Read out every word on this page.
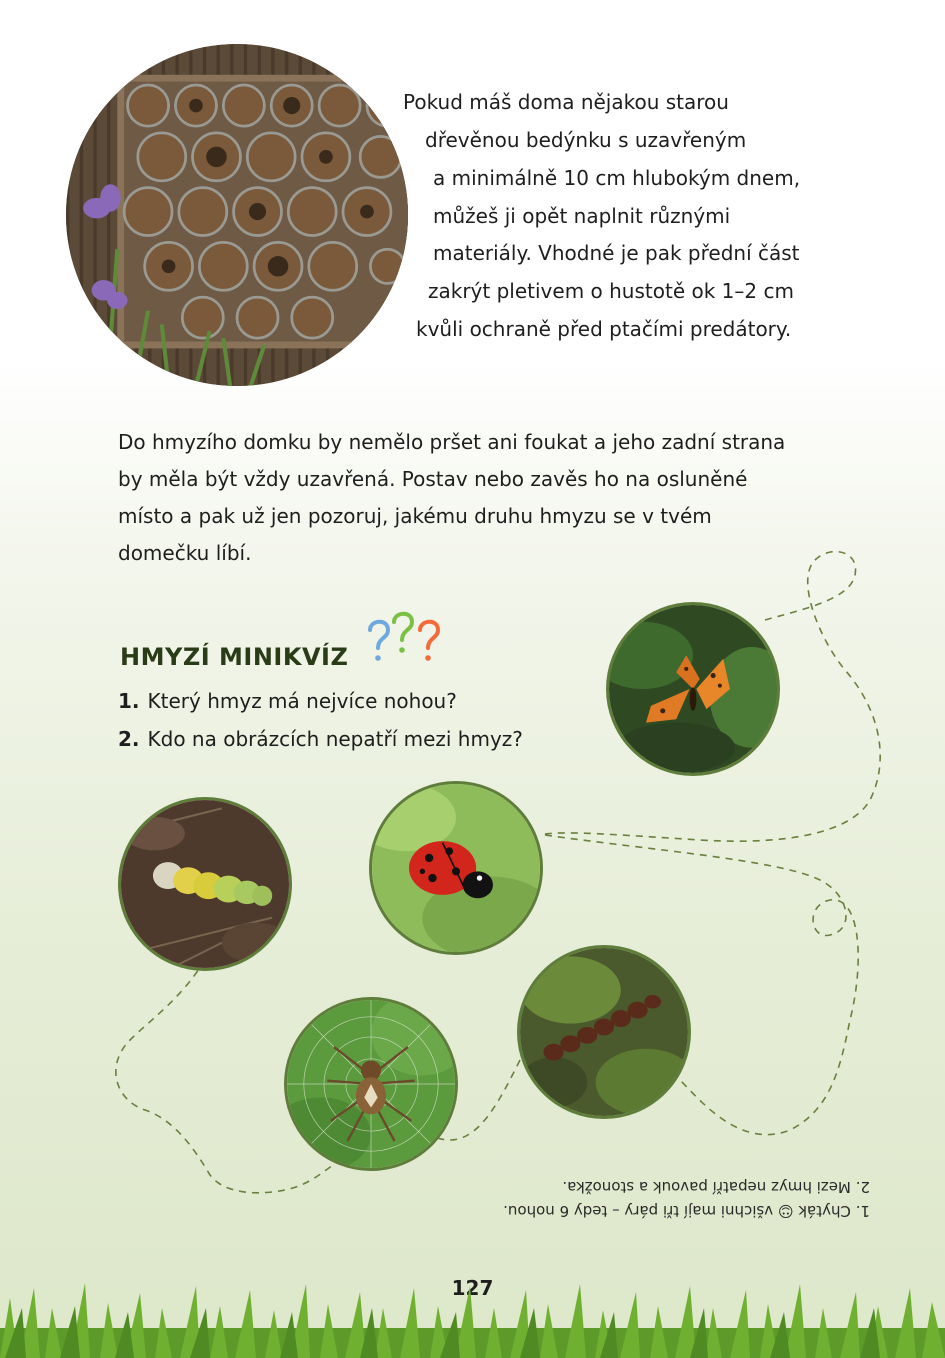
Pokud máš doma nějakou starou
dřevěnou bedýnku s uzavřeným
a minimálně 10 cm hlubokým dnem,
můžeš ji opět naplnit různými
materiály. Vhodné je pak přední část
zakrýt pletivem o hustotě ok 1–2 cm
kvůli ochraně před ptačími predátory.
Do hmyzího domku by nemělo pršet ani foukat a jeho zadní strana
by měla být vždy uzavřená. Postav nebo zavěs ho na osluněné
místo a pak už jen pozoruj, jakému druhu hmyzu se v tvém
domečku líbí.
HMYZÍ MINIKVÍZ
1. Který hmyz má nejvíce nohou?
2. Kdo na obrázcích nepatří mezi hmyz?
1. Chyták ☺ všichni mají tři páry – tedy 6 nohou.
2. Mezi hmyz nepatří pavouk a stonožka.
127
